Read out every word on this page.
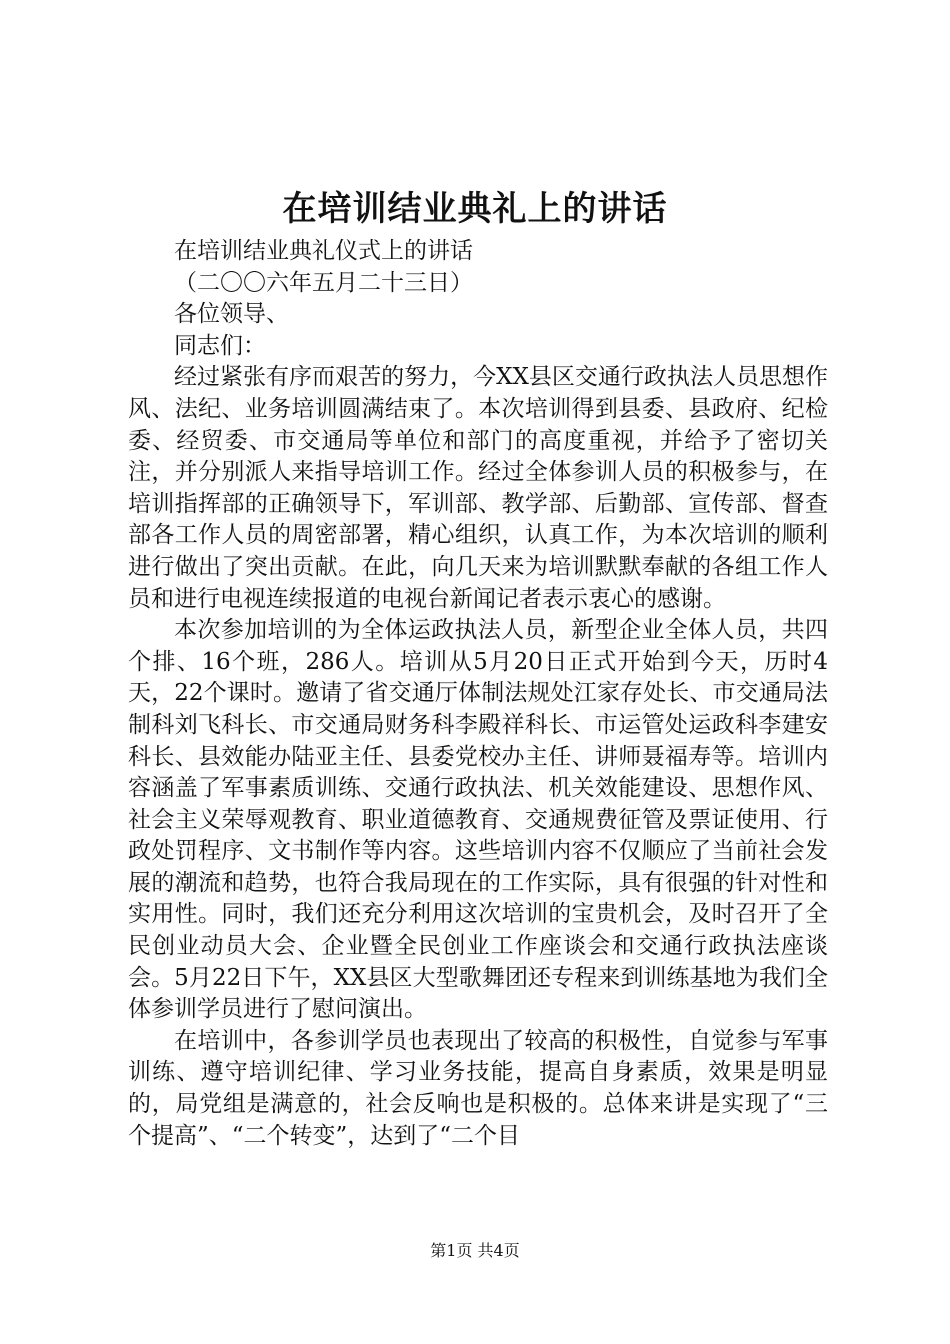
在培训结业典礼上的讲话

在培训结业典礼仪式上的讲话

（二〇〇六年五月二十三日）

各位领导、

同志们：

经过紧张有序而艰苦的努力，今XX县区交通行政执法人员思想作风、法纪、业务培训圆满结束了。本次培训得到县委、县政府、纪检委、经贸委、市交通局等单位和部门的高度重视，并给予了密切关注，并分别派人来指导培训工作。经过全体参训人员的积极参与，在培训指挥部的正确领导下，军训部、教学部、后勤部、宣传部、督查部各工作人员的周密部署，精心组织，认真工作，为本次培训的顺利进行做出了突出贡献。在此，向几天来为培训默默奉献的各组工作人员和进行电视连续报道的电视台新闻记者表示衷心的感谢。

本次参加培训的为全体运政执法人员，新型企业全体人员，共四个排、16个班，286人。培训从5月20日正式开始到今天，历时4天，22个课时。邀请了省交通厅体制法规处江家存处长、市交通局法制科刘飞科长、市交通局财务科李殿祥科长、市运管处运政科李建安科长、县效能办陆亚主任、县委党校办主任、讲师聂福寿等。培训内容涵盖了军事素质训练、交通行政执法、机关效能建设、思想作风、社会主义荣辱观教育、职业道德教育、交通规费征管及票证使用、行政处罚程序、文书制作等内容。这些培训内容不仅顺应了当前社会发展的潮流和趋势，也符合我局现在的工作实际，具有很强的针对性和实用性。同时，我们还充分利用这次培训的宝贵机会，及时召开了全民创业动员大会、企业暨全民创业工作座谈会和交通行政执法座谈会。5月22日下午，XX县区大型歌舞团还专程来到训练基地为我们全体参训学员进行了慰问演出。

在培训中，各参训学员也表现出了较高的积极性，自觉参与军事训练、遵守培训纪律、学习业务技能，提高自身素质，效果是明显的，局党组是满意的，社会反响也是积极的。总体来讲是实现了“三个提高”、“二个转变”，达到了“二个目

第1页 共4页
